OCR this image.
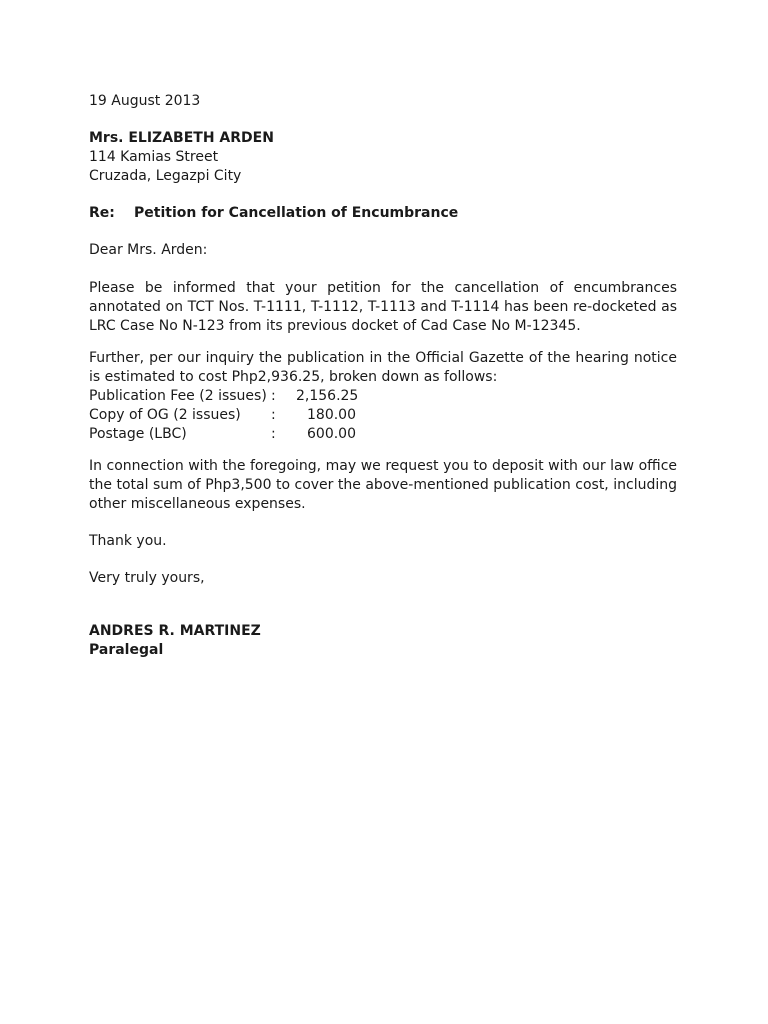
19 August 2013
Mrs. ELIZABETH ARDEN
114 Kamias Street
Cruzada, Legazpi City
Re: Petition for Cancellation of Encumbrance
Dear Mrs. Arden:

Please be informed that your petition for the cancellation of encumbrances annotated on TCT Nos. T-1111, T-1112, T-1113 and T-1114 has been re-docketed as LRC Case No N-123 from its previous docket of Cad Case No M-12345.

Further, per our inquiry the publication in the Official Gazette of the hearing notice is estimated to cost Php2,936.25, broken down as follows:

Publication Fee (2 issues) : 2,156.25
Copy of OG (2 issues) : 180.00
Postage (LBC)	: 600.00

In connection with the foregoing, may we request you to deposit with our law office the total sum of Php3,500 to cover the above-mentioned publication cost, including other miscellaneous expenses.

Thank you.
Very truly yours,
ANDRES R. MARTINEZ
Paralegal
